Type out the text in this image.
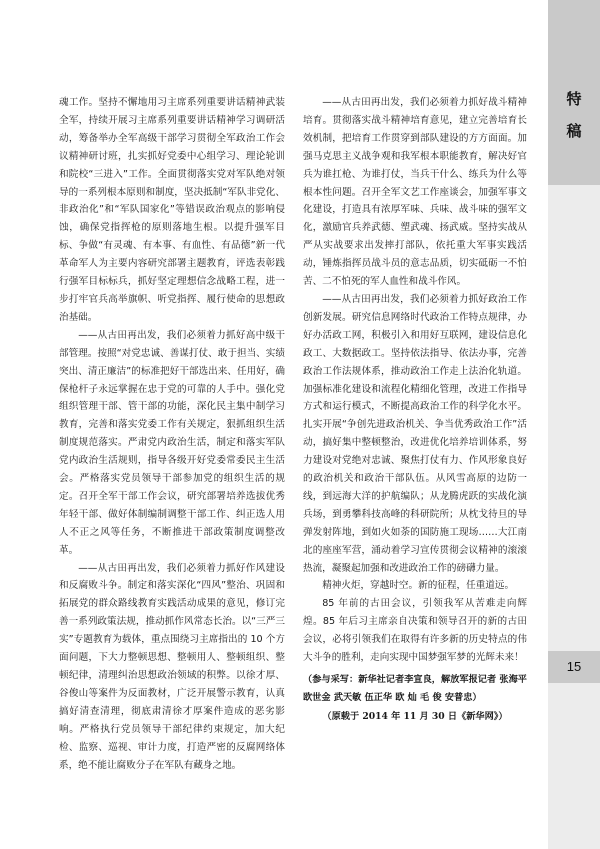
特
稿
15

魂工作。坚持不懈地用习主席系列重要讲话精神武装全军，持续开展习主席系列重要讲话精神学习调研活动，筹备举办全军高级干部学习贯彻全军政治工作会议精神研讨班，扎实抓好党委中心组学习、理论轮训和院校“三进入”工作。全面贯彻落实党对军队绝对领导的一系列根本原则和制度，坚决抵制“军队非党化、非政治化”和“军队国家化”等错误政治观点的影响侵蚀，确保党指挥枪的原则落地生根。以提升强军目标、争做“有灵魂、有本事、有血性、有品德”新一代革命军人为主要内容研究部署主题教育，评选表彰践行强军目标标兵，抓好坚定理想信念战略工程，进一步打牢官兵高举旗帜、听党指挥、履行使命的思想政治基础。

——从古田再出发，我们必须着力抓好高中级干部管理。按照“对党忠诚、善谋打仗、敢于担当、实绩突出、清正廉洁”的标准把好干部选出来、任用好，确保枪杆子永远掌握在忠于党的可靠的人手中。强化党组织管理干部、管干部的功能，深化民主集中制学习教育，完善和落实党委工作有关规定，狠抓组织生活制度规范落实。严肃党内政治生活，制定和落实军队党内政治生活规则，指导各级开好党委常委民主生活会。严格落实党员领导干部参加党的组织生活的规定。召开全军干部工作会议，研究部署培养选拔优秀年轻干部、做好体制编制调整干部工作、纠正选人用人不正之风等任务，不断推进干部政策制度调整改革。

——从古田再出发，我们必须着力抓好作风建设和反腐败斗争。制定和落实深化“四风”整治、巩固和拓展党的群众路线教育实践活动成果的意见，修订完善一系列政策法规，推动抓作风常态长治。以“三严三实”专题教育为载体，重点围绕习主席指出的 10 个方面问题，下大力整顿思想、整顿用人、整顿组织、整顿纪律，清理纠治思想政治领域的积弊。以徐才厚、谷俊山等案件为反面教材，广泛开展警示教育，认真搞好清查清理，彻底肃清徐才厚案件造成的恶劣影响。严格执行党员领导干部纪律约束规定，加大纪检、监察、巡视、审计力度，打造严密的反腐网络体系，绝不能让腐败分子在军队有藏身之地。

——从古田再出发，我们必须着力抓好战斗精神培育。贯彻落实战斗精神培育意见，建立完善培育长效机制，把培育工作贯穿到部队建设的方方面面。加强马克思主义战争观和我军根本职能教育，解决好官兵为谁扛枪、为谁打仗，当兵干什么、练兵为什么等根本性问题。召开全军文艺工作座谈会，加强军事文化建设，打造具有浓厚军味、兵味、战斗味的强军文化，激励官兵养武德、塑武魂、扬武威。坚持实战从严从实战要求出发摔打部队，依托重大军事实践活动，锤炼指挥员战斗员的意志品质，切实砥砺一不怕苦、二不怕死的军人血性和战斗作风。

——从古田再出发，我们必须着力抓好政治工作创新发展。研究信息网络时代政治工作特点规律，办好办活政工网，积极引入和用好互联网，建设信息化政工、大数据政工。坚持依法指导、依法办事，完善政治工作法规体系，推动政治工作走上法治化轨道。加强标准化建设和流程化精细化管理，改进工作指导方式和运行模式，不断提高政治工作的科学化水平。扎实开展“争创先进政治机关、争当优秀政治工作”活动，搞好集中整顿整治，改进优化培养培训体系，努力建设对党绝对忠诚、聚焦打仗有力、作风形象良好的政治机关和政治干部队伍。从风雪高原的边防一线，到远海大洋的护航编队；从龙腾虎跃的实战化演兵场，到勇攀科技高峰的科研院所；从枕戈待旦的导弹发射阵地，到如火如荼的国防施工现场……大江南北的座座军营，涌动着学习宣传贯彻会议精神的滚滚热流，凝聚起加强和改进政治工作的磅礴力量。

精神火炬，穿越时空。新的征程，任重道远。

85 年前的古田会议，引领我军从苦难走向辉煌。85 年后习主席亲自决策和领导召开的新的古田会议，必将引领我们在取得有许多新的历史特点的伟大斗争的胜利，走向实现中国梦强军梦的光辉未来！

（参与采写：新华社记者李宣良，解放军报记者 张海平 欧世金 武天敏 伍正华 欧 灿 毛 俊 安普忠）

（原载于 2014 年 11 月 30 日《新华网》）
